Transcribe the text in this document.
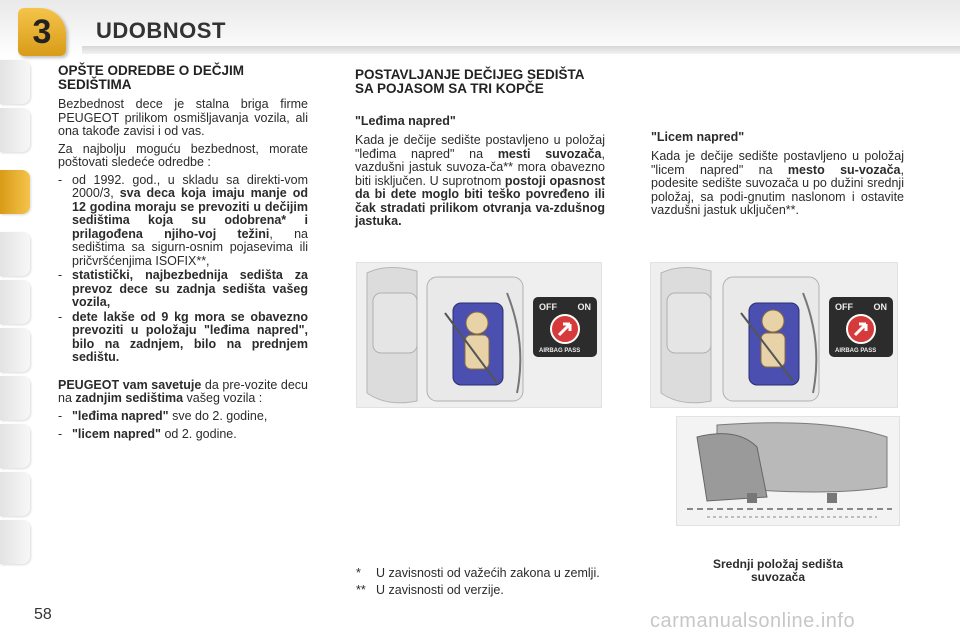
3	UDOBNOST
OPŠTE ODREDBE O DEČJIM SEDIŠTIMA
Bezbednost dece je stalna briga firme PEUGEOT prilikom osmišljavanja vozila, ali ona takođe zavisi i od vas.
Za najbolju moguću bezbednost, morate poštovati sledeće odredbe :
- od 1992. god., u skladu sa direkti-vom 2000/3, sva deca koja imaju manje od 12 godina moraju se prevoziti u dečijim sedištima koja su odobrena* i prilagođena njiho-voj težini, na sedištima sa sigurn-osnim pojasevima ili pričvršćenjima ISOFIX**,
- statistički, najbezbednija sedišta za prevoz dece su zadnja sedišta vašeg vozila,
- dete lakše od 9 kg mora se obavezno prevoziti u položaju "leđima napred", bilo na zadnjem, bilo na prednjem sedištu.
PEUGEOT vam savetuje da pre-vozite decu na zadnjim sedištima vašeg vozila :
- "leđima napred" sve do 2. godine,
- "licem napred" od 2. godine.
POSTAVLJANJE DEČIJEG SEDIŠTA SA POJASOM SA TRI KOPČE
"Leđima napred"
Kada je dečije sedište postavljeno u položaj "leđima napred" na mesti suvozača, vazdušni jastuk suvoza-ča** mora obavezno biti isključen. U suprotnom postoji opasnost da bi dete moglo biti teško povređeno ili čak stradati prilikom otvranja va-zdušnog jastuka.
"Licem napred"
Kada je dečije sedište postavljeno u položaj "licem napred" na mesto su-vozača, podesite sedište suvozača u po dužini srednji položaj, sa podi-gnutim naslonom i ostavite vazdušni jastuk uključen**.
OFF ON
AIRBAG PASS
OFF ON
AIRBAG PASS
* U zavisnosti od važećih zakona u zemlji.
** U zavisnosti od verzije.
Srednji položaj sedišta suvozača
58	carmanualsonline.info
